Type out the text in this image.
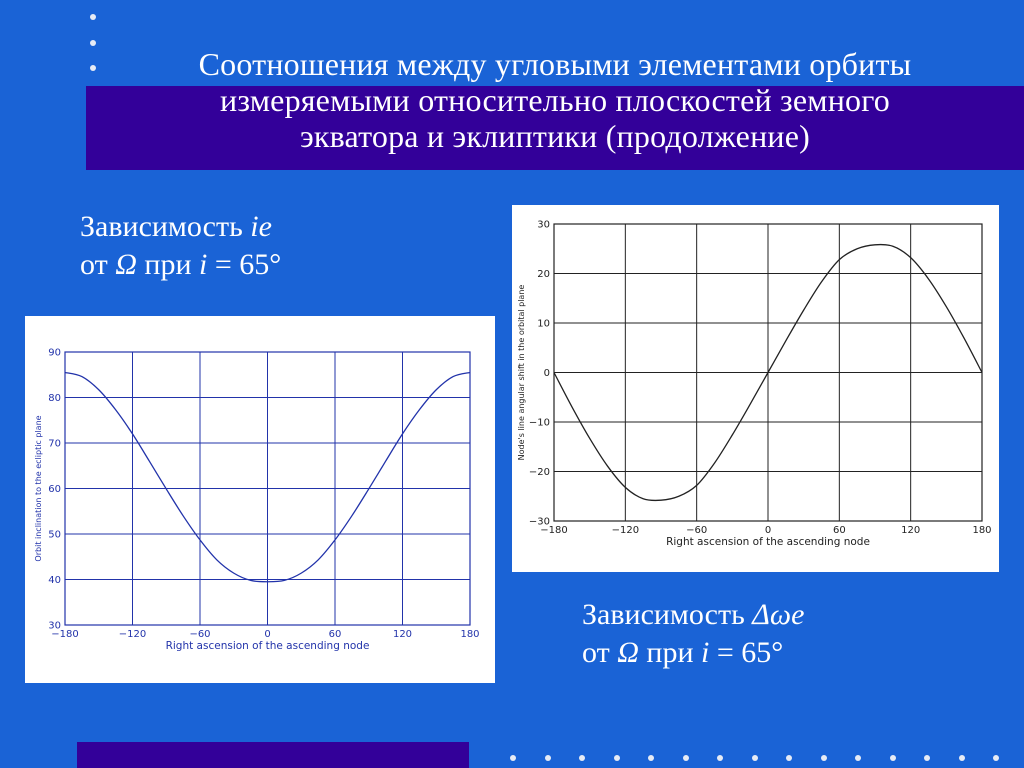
Соотношения между угловыми элементами орбиты
измеряемыми относительно плоскостей земного
экватора и эклиптики (продолжение)
Зависимость ie
от Ω при i = 65°
Зависимость Δωe
от Ω при i = 65°
−180	−120	−60	0	60	120	180
30
40
50
60
70
80
90
Right ascension of the ascending node
Orbit inclination to the ecliptic plane	−180	−120	−60	0	60	120	180
−30
−20
−10
0
10
20
30
Right ascension of the ascending node
Node's line angular shift in the orbital plane
